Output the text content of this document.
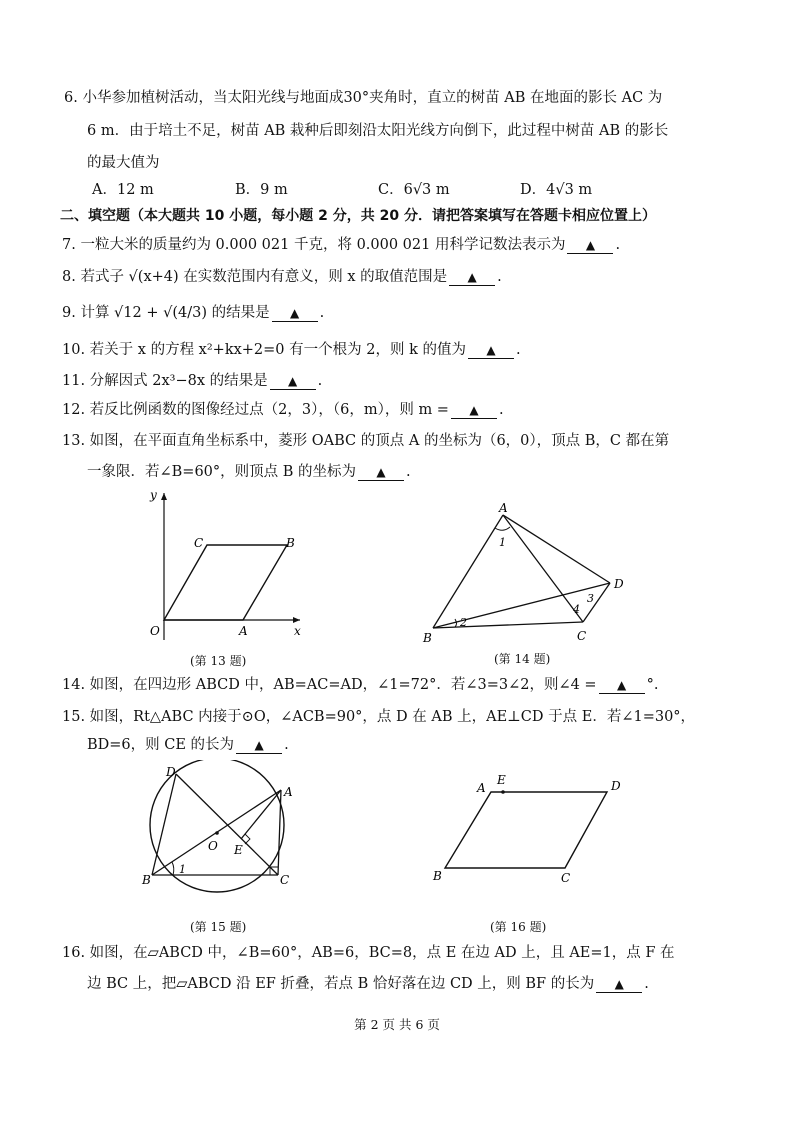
6. 小华参加植树活动，当太阳光线与地面成30°夹角时，直立的树苗 AB 在地面的影长 AC 为
6 m．由于培土不足，树苗 AB 栽种后即刻沿太阳光线方向倒下，此过程中树苗 AB 的影长
的最大值为
A．12 m	B．9 m	C．6√3 m	D．4√3 m
二、填空题（本大题共 10 小题，每小题 2 分，共 20 分．请把答案填写在答题卡相应位置上）
7. 一粒大米的质量约为 0.000 021 千克，将 0.000 021 用科学记数法表示为 ▲ .
8. 若式子 √(x+4) 在实数范围内有意义，则 x 的取值范围是 ▲ .
9. 计算 √12 + √(4/3) 的结果是 ▲ .
10. 若关于 x 的方程 x²+kx+2=0 有一个根为 2，则 k 的值为 ▲ .
11. 分解因式 2x³−8x 的结果是 ▲ .
12. 若反比例函数的图像经过点（2，3），（6，m），则 m = ▲ .
13. 如图，在平面直角坐标系中，菱形 OABC 的顶点 A 的坐标为（6，0），顶点 B，C 都在第
一象限．若∠B=60°，则顶点 B 的坐标为 ▲ .
y
x
O	A
B
C
(第 13 题)
1
2
3
4
A
B	C
D
(第 14 题)
14. 如图，在四边形 ABCD 中，AB=AC=AD，∠1=72°．若∠3=3∠2，则∠4 = ▲ °.
15. 如图，Rt△ABC 内接于⊙O，∠ACB=90°，点 D 在 AB 上，AE⊥CD 于点 E．若∠1=30°，
BD=6，则 CE 的长为 ▲ .
1
D
A
B	C
O E
(第 15 题)
A
E	D
B	C
(第 16 题)
16. 如图，在▱ABCD 中，∠B=60°，AB=6，BC=8，点 E 在边 AD 上，且 AE=1，点 F 在
边 BC 上，把▱ABCD 沿 EF 折叠，若点 B 恰好落在边 CD 上，则 BF 的长为 ▲ .
第 2 页 共 6 页
